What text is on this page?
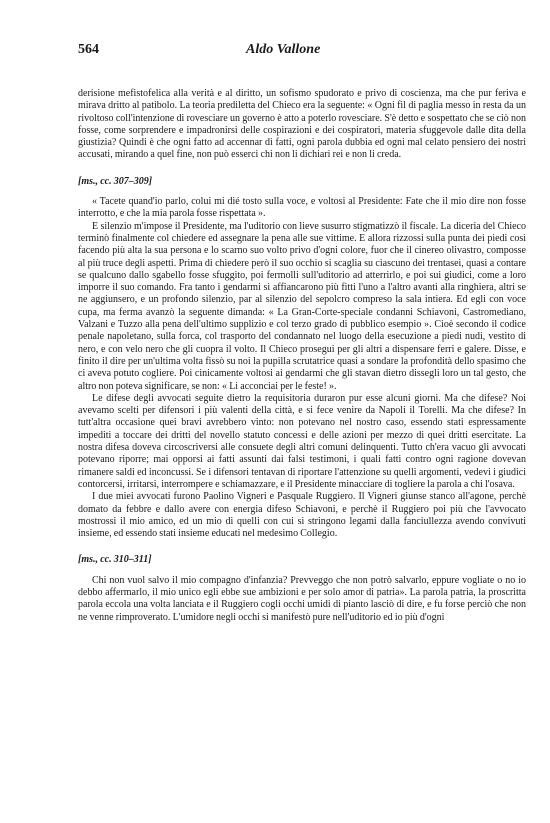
564	Aldo Vallone

derisione mefistofelica alla verità e al diritto, un sofismo spudorato e privo di coscienza, ma che pur feriva e mirava dritto al patibolo. La teoria prediletta del Chieco era la seguente: « Ogni fil di paglia messo in resta da un rivoltoso coll'intenzione di rovesciare un governo è atto a poterlo rovesciare. S'è detto e sospettato che se ciò non fosse, come sorprendere e impadronirsi delle cospirazioni e dei cospiratori, materia sfuggevole dalle dita della giustizia? Quindi è che ogni fatto ad accennar di fatti, ogni parola dubbia ed ogni mal celato pensiero dei nostri accusati, mirando a quel fine, non può esserci chi non li dichiari rei e non li creda.

[ms., cc. 307–309]

« Tacete quand'io parlo, colui mi dié tosto sulla voce, e voltosi al Presidente: Fate che il mio dire non fosse interrotto, e che la mia parola fosse rispettata ».

E silenzio m'impose il Presidente, ma l'uditorio con lieve susurro stigmatizzò il fiscale. La diceria del Chieco terminò finalmente col chiedere ed assegnare la pena alle sue vittime. E allora rizzossi sulla punta dei piedi così facendo più alta la sua persona e lo scarno suo volto privo d'ogni colore, fuor che il cinereo olivastro, composse al più truce degli aspetti. Prima di chiedere però il suo occhio si scaglia su ciascuno dei trentasei, quasi a contare se qualcuno dallo sgabello fosse sfuggito, poi fermolli sull'uditorio ad atterrirlo, e poi sui giudici, come a loro imporre il suo comando. Fra tanto i gendarmi si affiancarono più fitti l'uno a l'altro avanti alla ringhiera, altri se ne aggiunsero, e un profondo silenzio, par al silenzio del sepolcro compreso la sala intiera. Ed egli con voce cupa, ma ferma avanzò la seguente dimanda: « La Gran-Corte-speciale condanni Schiavoni, Castromediano, Valzani e Tuzzo alla pena dell'ultimo supplizio e col terzo grado di pubblico esempio ». Cioè secondo il codice penale napoletano, sulla forca, col trasporto del condannato nel luogo della esecuzione a piedi nudi, vestito di nero, e con velo nero che gli cuopra il volto. Il Chieco prosegui per gli altri a dispensare ferri e galere. Disse, e finito il dire per un'ultima volta fissò su noi la pupilla scrutatrice quasi a sondare la profondità dello spasimo che ci aveva potuto cogliere. Poi cinicamente voltosi ai gendarmi che gli stavan dietro dissegli loro un tal gesto, che altro non poteva significare, se non: « Li acconciai per le feste! ».

Le difese degli avvocati seguite dietro la requisitoria duraron pur esse alcuni giorni. Ma che difese? Noi avevamo scelti per difensori i più valenti della città, e si fece venire da Napoli il Torelli. Ma che difese? In tutt'altra occasione quei bravi avrebbero vinto: non potevano nel nostro caso, essendo stati espressamente impediti a toccare dei dritti del novello statuto concessi e delle azioni per mezzo di quei dritti esercitate. La nostra difesa doveva circoscriversi alle consuete degli altri comuni delinquenti. Tutto ch'era vacuo gli avvocati potevano riporre; mai opporsi ai fatti assunti dai falsi testimoni, i quali fatti contro ogni ragione dovevan rimanere saldi ed inconcussi. Se i difensori tentavan di riportare l'attenzione su quelli argomenti, vedevi i giudici contorcersi, irritarsi, interrompere e schiamazzare, e il Presidente minacciare di togliere la parola a chi l'osava.

I due miei avvocati furono Paolino Vigneri e Pasquale Ruggiero. Il Vigneri giunse stanco all'agone, perchè domato da febbre e dallo avere con energia difeso Schiavoni, e perchè il Ruggiero poi più che l'avvocato mostrossi il mio amico, ed un mio di quelli con cui si stringono legami dalla fanciullezza avendo convivuti insieme, ed essendo stati insieme educati nel medesimo Collegio.

[ms., cc. 310–311]

Chi non vuol salvo il mio compagno d'infanzia? Prevveggo che non potrò salvarlo, eppure vogliate o no io debbo affermarlo, il mio unico egli ebbe sue ambizioni e per solo amor di patria». La parola patria, la proscritta parola eccola una volta lanciata e il Ruggiero cogli occhi umidi di pianto lasciò di dire, e fu forse perciò che non ne venne rimproverato. L'umidore negli occhi si manifestò pure nell'uditorio ed io più d'ogni
